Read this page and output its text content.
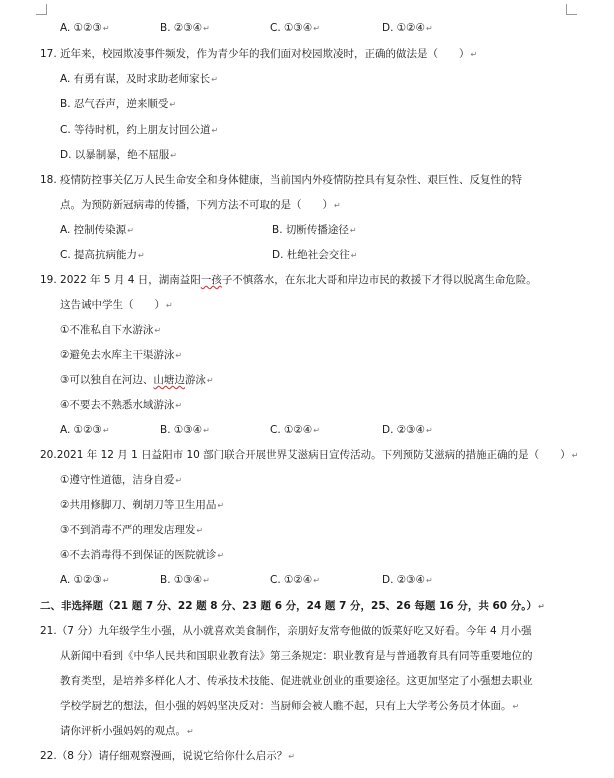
A. ①②③↵	B. ②③④↵	C. ①③④↵	D. ①②④↵
17. 近年来，校园欺凌事件频发，作为青少年的我们面对校园欺凌时，正确的做法是（　　）↵
A. 有勇有谋，及时求助老师家长↵
B. 忍气吞声，逆来顺受↵
C. 等待时机，约上朋友讨回公道↵
D. 以暴制暴，绝不屈服↵
18. 疫情防控事关亿万人民生命安全和身体健康，当前国内外疫情防控具有复杂性、艰巨性、反复性的特
点。为预防新冠病毒的传播，下列方法不可取的是（　　）↵
A. 控制传染源↵	B. 切断传播途径↵
C. 提高抗病能力↵	D. 杜绝社会交往↵
19. 2022 年 5 月 4 日，湖南益阳一孩子不慎落水，在东北大哥和岸边市民的救援下才得以脱离生命危险。
这告诫中学生（　　）↵
①不准私自下水游泳↵
②避免去水库主干渠游泳↵
③可以独自在河边、山塘边游泳↵
④不要去不熟悉水域游泳↵
A. ①②③↵	B. ①③④↵	C. ①②④↵	D. ②③④↵
20.2021 年 12 月 1 日益阳市 10 部门联合开展世界艾滋病日宣传活动。下列预防艾滋病的措施正确的是（　　）↵
①遵守性道德，洁身自爱↵
②共用修脚刀、剃胡刀等卫生用品↵
③不到消毒不严的理发店理发↵
④不去消毒得不到保证的医院就诊↵
A. ①②③↵	B. ①③④↵	C. ①②④↵	D. ②③④↵
二、非选择题（21 题 7 分、22 题 8 分、23 题 6 分，24 题 7 分，25、26 每题 16 分，共 60 分。）↵
21.（7 分）九年级学生小强，从小就喜欢美食制作，亲朋好友常夸他做的饭菜好吃又好看。今年 4 月小强
从新闻中看到《中华人民共和国职业教育法》第三条规定：职业教育是与普通教育具有同等重要地位的
教育类型，是培养多样化人才、传承技术技能、促进就业创业的重要途径。这更加坚定了小强想去职业
学校学厨艺的想法，但小强的妈妈坚决反对：当厨师会被人瞧不起，只有上大学考公务员才体面。↵
请你评析小强妈妈的观点。↵
22.（8 分）请仔细观察漫画，说说它给你什么启示？↵
